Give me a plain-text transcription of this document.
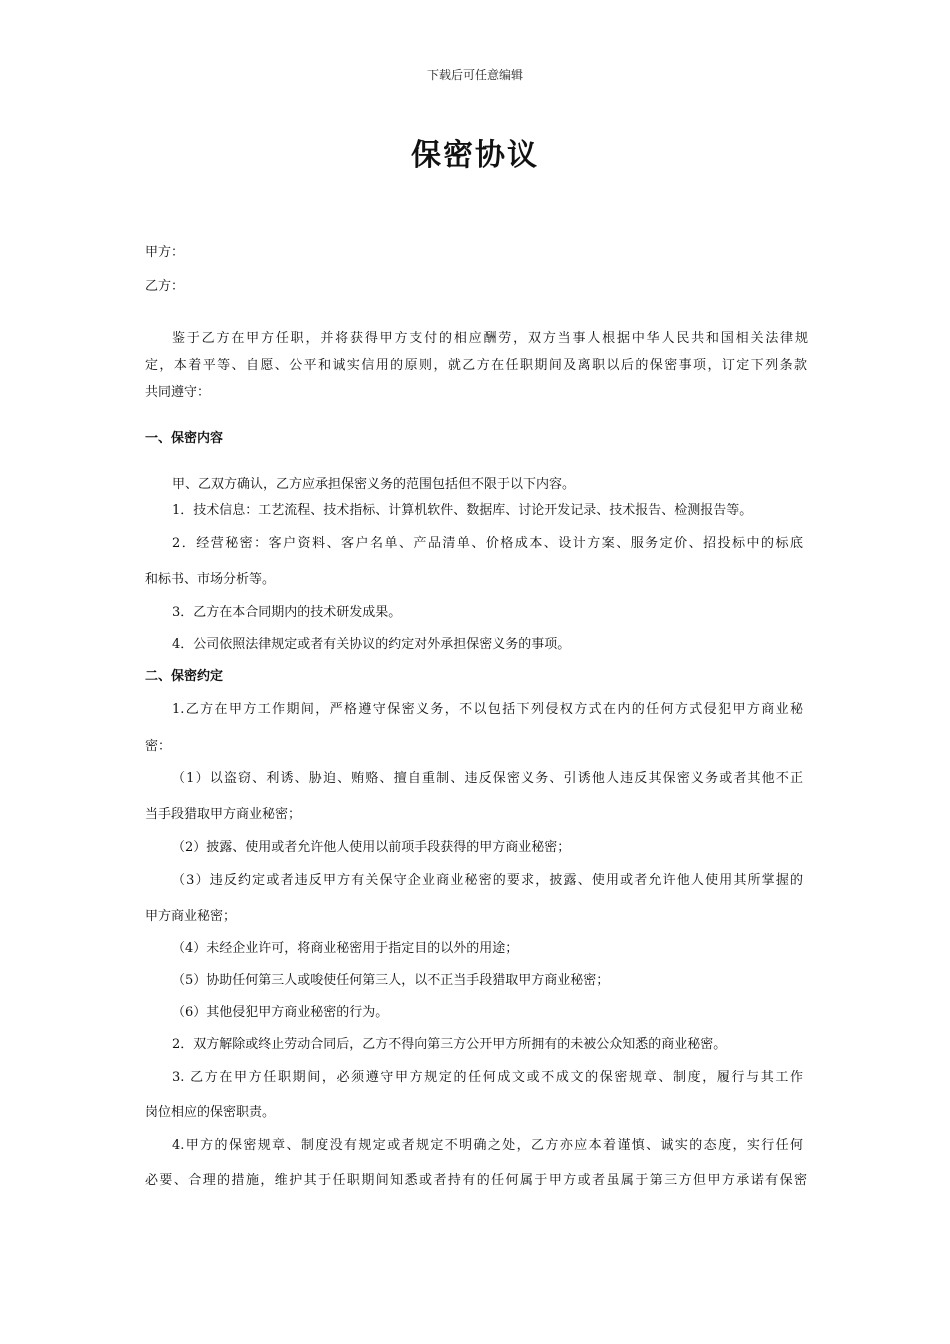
下载后可任意编辑
保密协议
甲方：
乙方：
鉴于乙方在甲方任职，并将获得甲方支付的相应酬劳，双方当事人根据中华人民共和国相关法律规
定，本着平等、自愿、公平和诚实信用的原则，就乙方在任职期间及离职以后的保密事项，订定下列条款
共同遵守：
一、保密内容
甲、乙双方确认，乙方应承担保密义务的范围包括但不限于以下内容。
1．技术信息：工艺流程、技术指标、计算机软件、数据库、讨论开发记录、技术报告、检测报告等。
2．经营秘密：客户资料、客户名单、产品清单、价格成本、设计方案、服务定价、招投标中的标底
和标书、市场分析等。
3．乙方在本合同期内的技术研发成果。
4．公司依照法律规定或者有关协议的约定对外承担保密义务的事项。
二、保密约定
1.乙方在甲方工作期间，严格遵守保密义务，不以包括下列侵权方式在内的任何方式侵犯甲方商业秘
密：
（1）以盗窃、利诱、胁迫、贿赂、擅自重制、违反保密义务、引诱他人违反其保密义务或者其他不正
当手段猎取甲方商业秘密；
（2）披露、使用或者允许他人使用以前项手段获得的甲方商业秘密；
（3）违反约定或者违反甲方有关保守企业商业秘密的要求，披露、使用或者允许他人使用其所掌握的
甲方商业秘密；
（4）未经企业许可，将商业秘密用于指定目的以外的用途；
（5）协助任何第三人或唆使任何第三人，以不正当手段猎取甲方商业秘密；
（6）其他侵犯甲方商业秘密的行为。
2．双方解除或终止劳动合同后，乙方不得向第三方公开甲方所拥有的未被公众知悉的商业秘密。
3. 乙方在甲方任职期间，必须遵守甲方规定的任何成文或不成文的保密规章、制度，履行与其工作
岗位相应的保密职责。
4.甲方的保密规章、制度没有规定或者规定不明确之处，乙方亦应本着谨慎、诚实的态度，实行任何
必要、合理的措施，维护其于任职期间知悉或者持有的任何属于甲方或者虽属于第三方但甲方承诺有保密
